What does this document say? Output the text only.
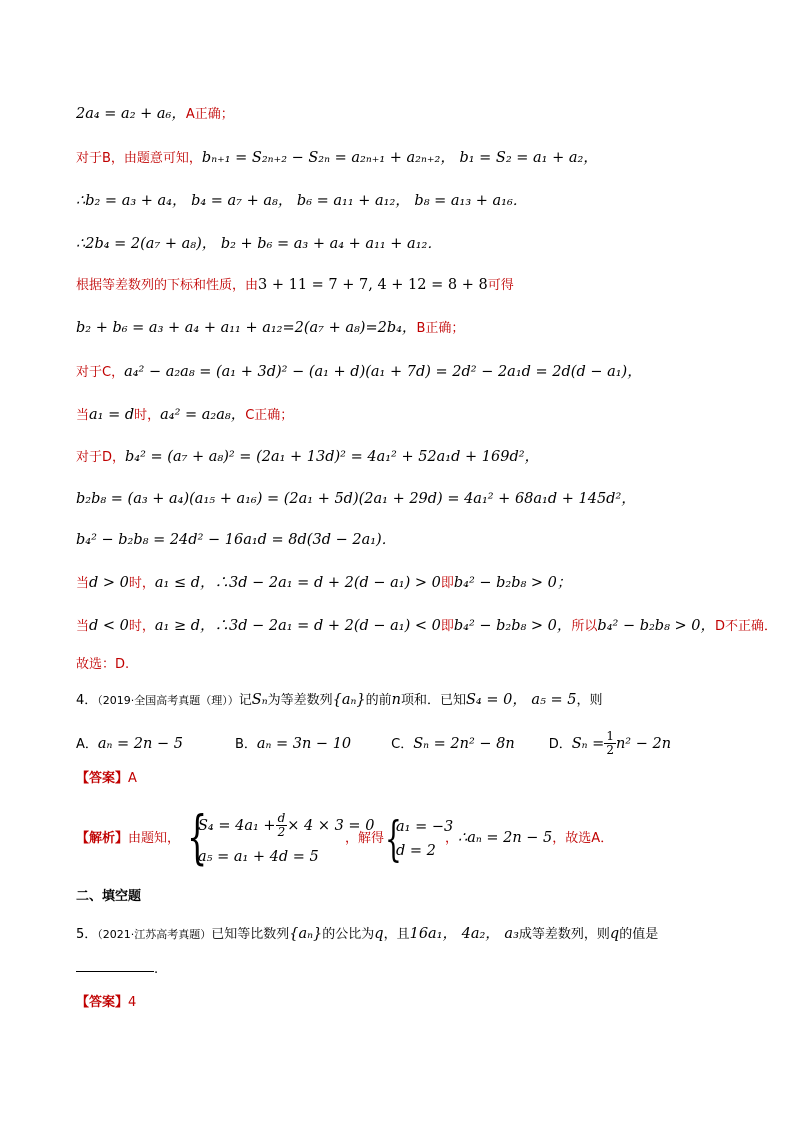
2a₄ = a₂ + a₆，A正确；
对于B，由题意可知，bₙ₊₁ = S₂ₙ₊₂ − S₂ₙ = a₂ₙ₊₁ + a₂ₙ₊₂， b₁ = S₂ = a₁ + a₂，
∴b₂ = a₃ + a₄， b₄ = a₇ + a₈， b₆ = a₁₁ + a₁₂， b₈ = a₁₃ + a₁₆．
∴2b₄ = 2(a₇ + a₈)， b₂ + b₆ = a₃ + a₄ + a₁₁ + a₁₂．
根据等差数列的下标和性质，由3 + 11 = 7 + 7, 4 + 12 = 8 + 8可得
b₂ + b₆ = a₃ + a₄ + a₁₁ + a₁₂=2(a₇ + a₈)=2b₄，B正确；
对于C，a₄² − a₂a₈ = (a₁ + 3d)² − (a₁ + d)(a₁ + 7d) = 2d² − 2a₁d = 2d(d − a₁)，
当a₁ = d时，a₄² = a₂a₈，C正确；
对于D，b₄² = (a₇ + a₈)² = (2a₁ + 13d)² = 4a₁² + 52a₁d + 169d²，
b₂b₈ = (a₃ + a₄)(a₁₅ + a₁₆) = (2a₁ + 5d)(2a₁ + 29d) = 4a₁² + 68a₁d + 145d²，
b₄² − b₂b₈ = 24d² − 16a₁d = 8d(3d − 2a₁)．
当d > 0时，a₁ ≤ d，∴3d − 2a₁ = d + 2(d − a₁) > 0即b₄² − b₂b₈ > 0；
当d < 0时，a₁ ≥ d，∴3d − 2a₁ = d + 2(d − a₁) < 0即b₄² − b₂b₈ > 0，所以b₄² − b₂b₈ > 0，D不正确．
故选：D.
4．（2019·全国高考真题（理））记Sₙ为等差数列{aₙ}的前n项和．已知S₄ = 0， a₅ = 5，则
A．aₙ = 2n − 5	B．aₙ = 3n − 10	C．Sₙ = 2n² − 8n	D．$S_n = \frac{1}{2} n^2 - 2n$
【答案】A
【解析】由题知， {
$S_4 = 4a_1 + \frac{d}{2} \times 4 \times 3 = 0$
a₅ = a₁ + 4d = 5
，解得 {
a₁ = −3
d = 2
，∴aₙ = 2n − 5，故选A．
二、填空题
5．（2021·江苏高考真题）已知等比数列{aₙ}的公比为q，且16a₁， 4a₂， a₃成等差数列，则q的值是
.
【答案】4
